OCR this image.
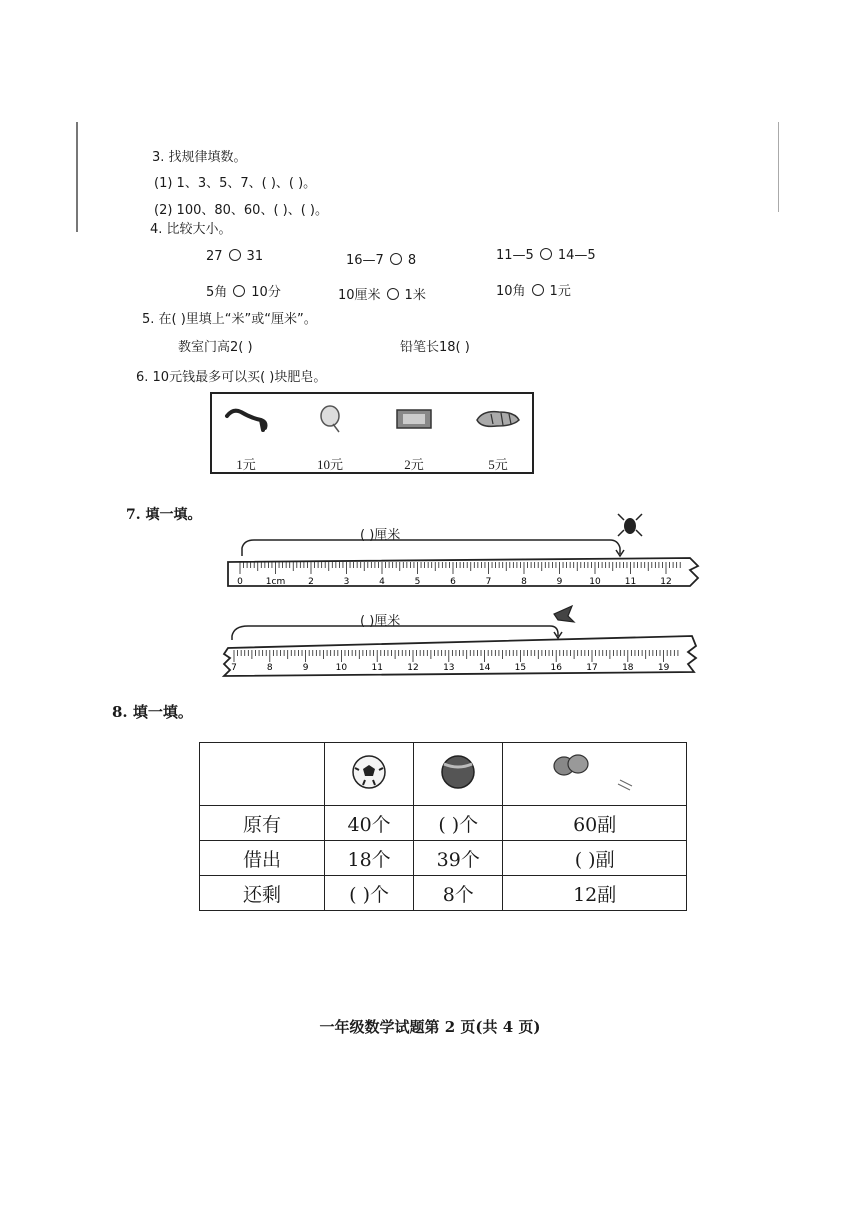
3. 找规律填数。
(1) 1、3、5、7、( )、( )。
(2) 100、80、60、( )、( )。
4. 比较大小。
27 31	16—7 8	11—5 14—5
5角 10分	10厘米 1米	10角 1元
5. 在( )里填上“米”或“厘米”。
教室门高2( )	铅笔长18( )
6. 10元钱最多可以买( )块肥皂。
1元	10元	2元	5元
7. 填一填。
( )厘米
0	1cm	2	3	4	5	6	7	8	9	10	11	12
( )厘米
7	8	9	10	11	12	13	14	15	16	17	18	19
8. 填一填。

原有	40个	( )个	60副
借出	18个	39个	( )副
还剩	( )个	8个	12副
一年级数学试题第 2 页(共 4 页)
